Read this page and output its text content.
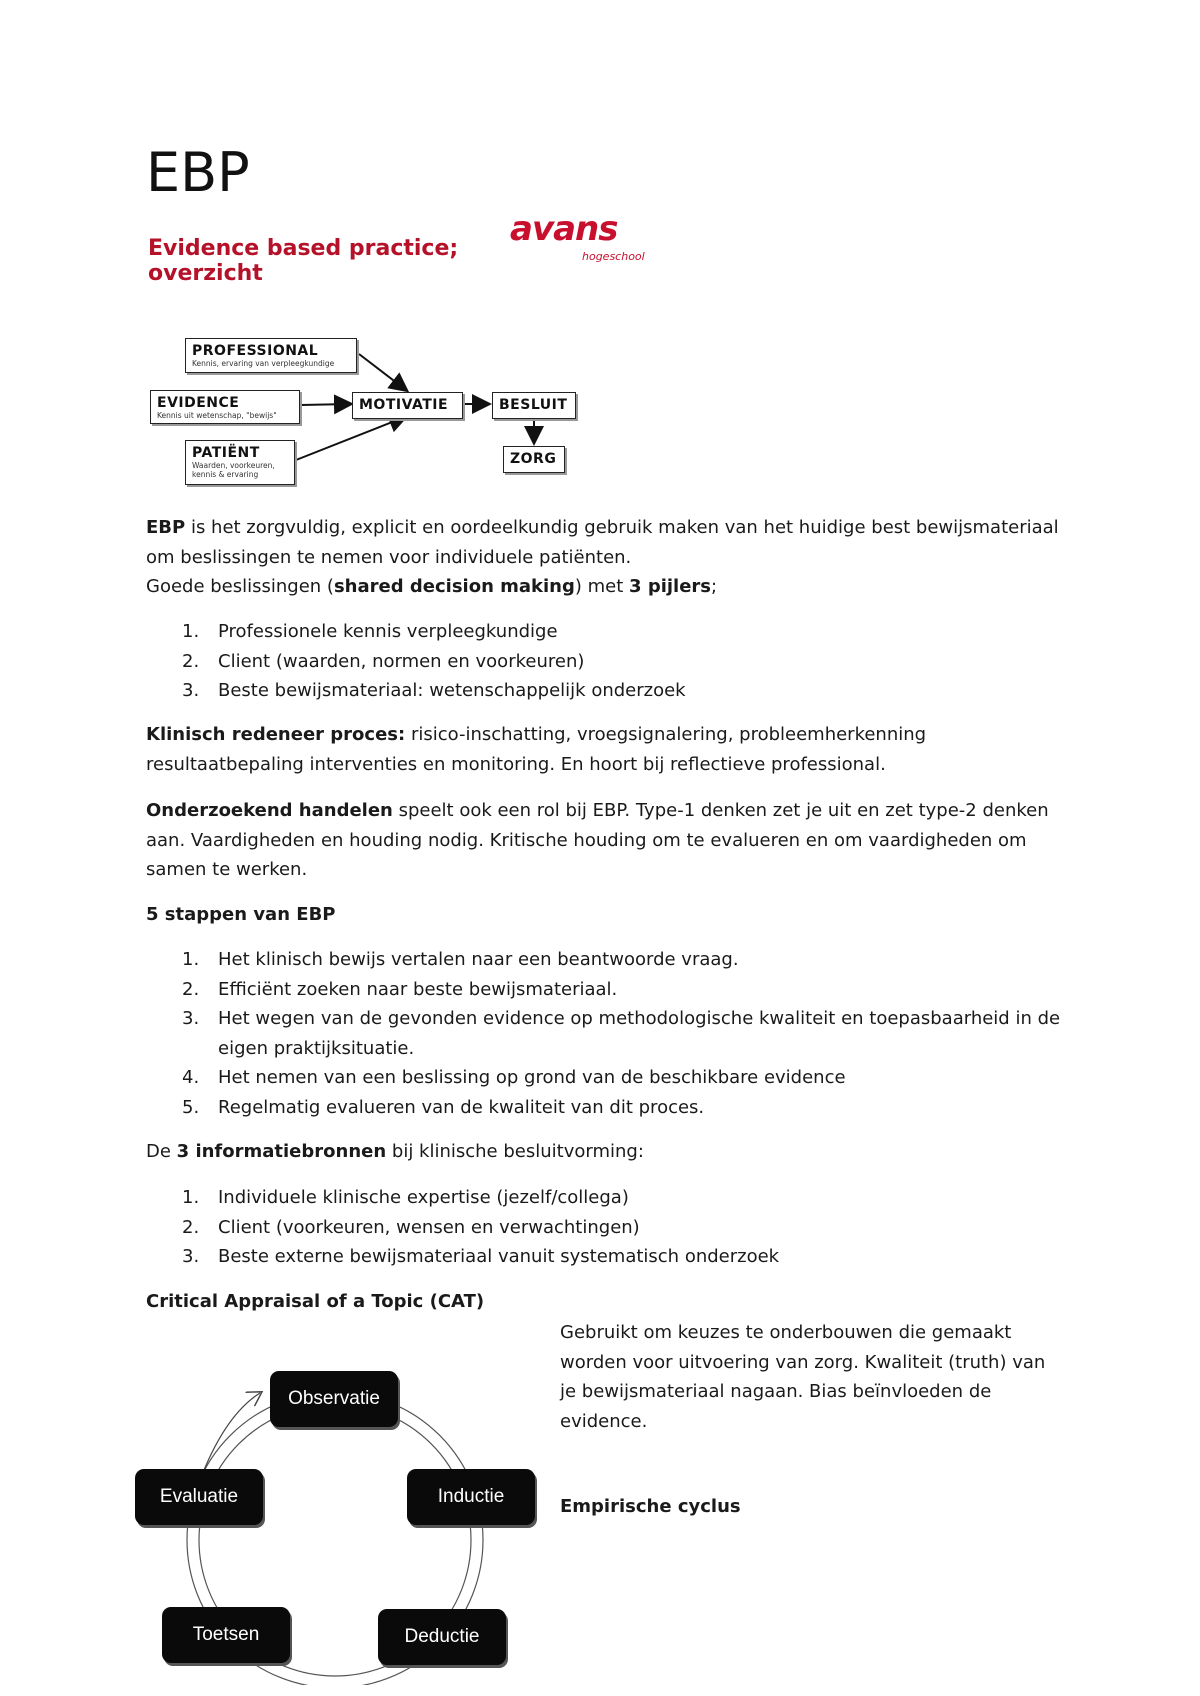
EBP
Evidence based practice;
overzicht
avans
hogeschool
PROFESSIONAL
Kennis, ervaring van verpleegkundige
EVIDENCE
Kennis uit wetenschap, "bewijs"
PATIËNT
Waarden, voorkeuren,
kennis & ervaring
MOTIVATIE	BESLUIT
ZORG

EBP is het zorgvuldig, explicit en oordeelkundig gebruik maken van het huidige best bewijsmateriaal om beslissingen te nemen voor individuele patiënten.
Goede beslissingen (shared decision making) met 3 pijlers;

1. Professionele kennis verpleegkundige
2. Client (waarden, normen en voorkeuren)
3. Beste bewijsmateriaal: wetenschappelijk onderzoek

Klinisch redeneer proces: risico-inschatting, vroegsignalering, probleemherkenning resultaatbepaling interventies en monitoring. En hoort bij reflectieve professional.

Onderzoekend handelen speelt ook een rol bij EBP. Type-1 denken zet je uit en zet type-2 denken aan. Vaardigheden en houding nodig. Kritische houding om te evalueren en om vaardigheden om samen te werken.

5 stappen van EBP
1. Het klinisch bewijs vertalen naar een beantwoorde vraag.
2. Efficiënt zoeken naar beste bewijsmateriaal.
3. Het wegen van de gevonden evidence op methodologische kwaliteit en toepasbaarheid in de eigen praktijksituatie.
4. Het nemen van een beslissing op grond van de beschikbare evidence
5. Regelmatig evalueren van de kwaliteit van dit proces.

De 3 informatiebronnen bij klinische besluitvorming:

1. Individuele klinische expertise (jezelf/collega)
2. Client (voorkeuren, wensen en verwachtingen)
3. Beste externe bewijsmateriaal vanuit systematisch onderzoek
Critical Appraisal of a Topic (CAT)

Gebruikt om keuzes te onderbouwen die gemaakt worden voor uitvoering van zorg. Kwaliteit (truth) van je bewijsmateriaal nagaan. Bias beïnvloeden de evidence.

Empirische cyclus
Observatie
Inductie
Deductie
Toetsen
Evaluatie
